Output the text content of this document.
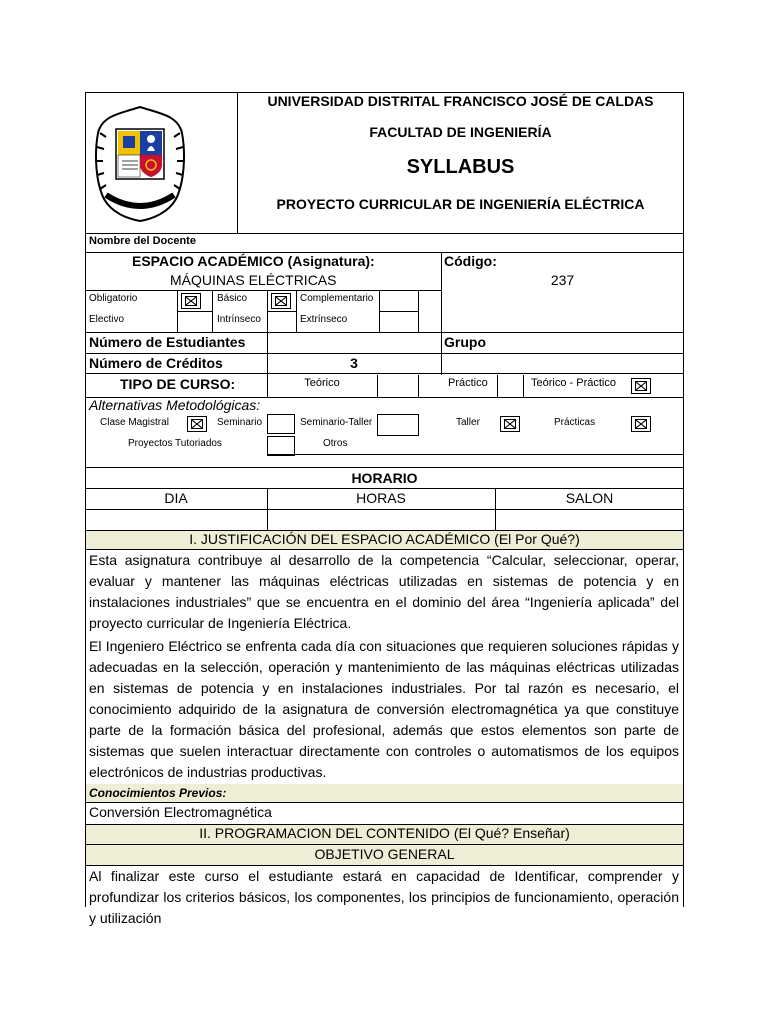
UNIVERSIDAD DISTRITAL FRANCISCO JOSÉ DE CALDAS
FACULTAD DE INGENIERÍA
SYLLABUS
PROYECTO CURRICULAR DE INGENIERÍA ELÉCTRICA
Nombre del Docente
ESPACIO ACADÉMICO (Asignatura):
MÁQUINAS ELÉCTRICAS
Código:
237
Obligatorio	Básico	Complementario
Electivo	Intrínseco	Extrínseco
Número de Estudiantes	Grupo
Número de Créditos	3
TIPO DE CURSO:	Teórico	Práctico	Teórico - Práctico
Alternativas Metodológicas:
Clase Magistral	Seminario	Seminario-Taller	Taller	Prácticas
Proyectos Tutoriados	Otros
HORARIO
DIA	HORAS	SALON
I. JUSTIFICACIÓN DEL ESPACIO ACADÉMICO (El Por Qué?)
Esta asignatura contribuye al desarrollo de la competencia “Calcular, seleccionar, operar, evaluar y mantener las máquinas eléctricas utilizadas en sistemas de potencia y en instalaciones industriales” que se encuentra en el dominio del área “Ingeniería aplicada” del proyecto curricular de Ingeniería Eléctrica.
El Ingeniero Eléctrico se enfrenta cada día con situaciones que requieren soluciones rápidas y adecuadas en la selección, operación y mantenimiento de las máquinas eléctricas utilizadas en sistemas de potencia y en instalaciones industriales. Por tal razón es necesario, el conocimiento adquirido de la asignatura de conversión electromagnética ya que constituye parte de la formación básica del profesional, además que estos elementos son parte de sistemas que suelen interactuar directamente con controles o automatismos de los equipos electrónicos de industrias productivas.
Conocimientos Previos:
Conversión Electromagnética
II. PROGRAMACION DEL CONTENIDO (El Qué? Enseñar)
OBJETIVO GENERAL
Al finalizar este curso el estudiante estará en capacidad de Identificar, comprender y profundizar los criterios básicos, los componentes, los principios de funcionamiento, operación y utilización
